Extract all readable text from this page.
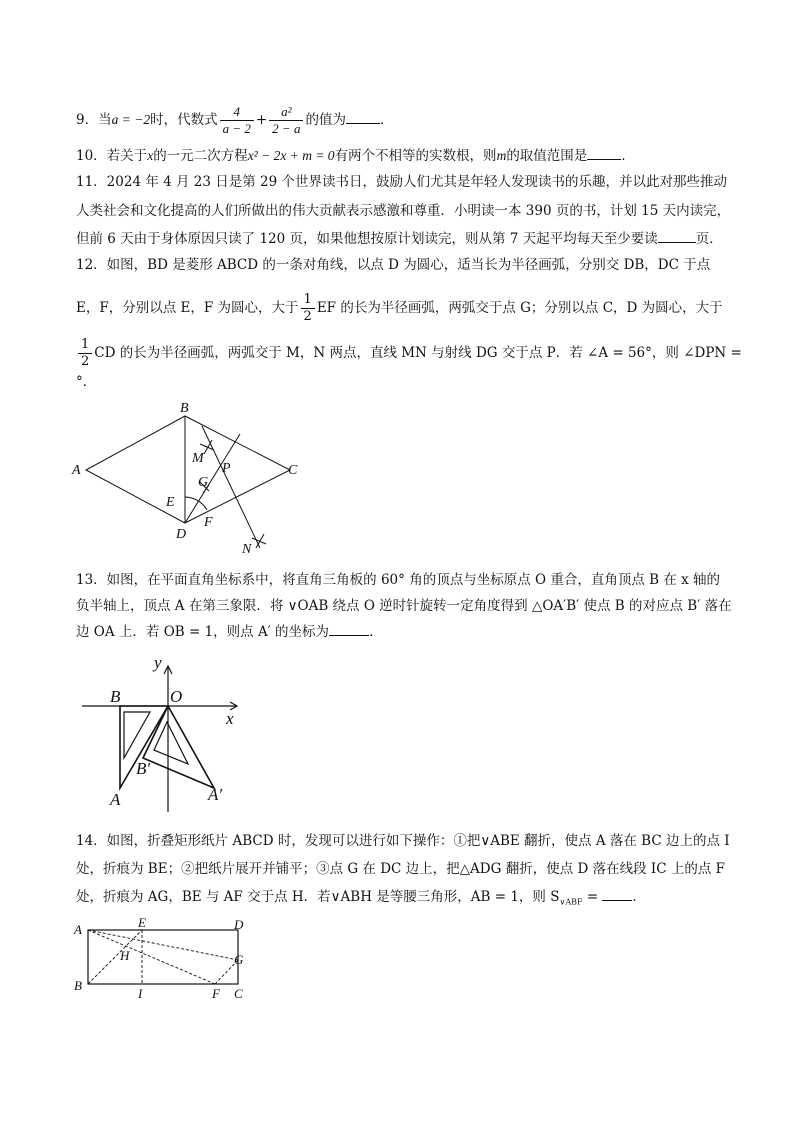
9．当a = −2时，代数式 $\frac{4}{a - 2} + \frac{\text{a²}}{2 - a}$ 的值为	．
10．若关于x的一元二次方程x² − 2x + m = 0有两个不相等的实数根，则m的取值范围是	．
11．2024 年 4 月 23 日是第 29 个世界读书日，鼓励人们尤其是年轻人发现读书的乐趣，并以此对那些推动
人类社会和文化提高的人们所做出的伟大贡献表示感激和尊重．小明读一本 390 页的书，计划 15 天内读完，
但前 6 天由于身体原因只读了 120 页，如果他想按原计划读完，则从第 7 天起平均每天至少要读	页．
12．如图，BD 是菱形 ABCD 的一条对角线，以点 D 为圆心，适当长为半径画弧，分别交 DB，DC 于点
E，F，分别以点 E，F 为圆心，大于 $\frac{1}{2}$ EF 的长为半径画弧，两弧交于点 G；分别以点 C，D 为圆心，大于
$\frac{1}{2}$ CD 的长为半径画弧，两弧交于 M，N 两点，直线 MN 与射线 DG 交于点 P．若 ∠A = 56°，则 ∠DPN =
°．
A
B
C
D
E
F
G
M
P
N
13．如图，在平面直角坐标系中，将直角三角板的 60° 角的顶点与坐标原点 O 重合，直角顶点 B 在 x 轴的
负半轴上，顶点 A 在第三象限．将 ∨OAB 绕点 O 逆时针旋转一定角度得到 △OA′B′ 使点 B 的对应点 B′ 落在
边 OA 上．若 OB = 1，则点 A′ 的坐标为	．
y
x
O
B
A
B′
A′
14．如图，折叠矩形纸片 ABCD 时，发现可以进行如下操作：①把∨ABE 翻折，使点 A 落在 BC 边上的点 I
处，折痕为 BE；②把纸片展开并铺平；③点 G 在 DC 边上，把△ADG 翻折，使点 D 落在线段 IC 上的点 F
处，折痕为 AG，BE 与 AF 交于点 H．若∨ABH 是等腰三角形，AB = 1，则 $S_{\vee ABF}$ = ．
A
B
C
D
E
F
G
H
I
